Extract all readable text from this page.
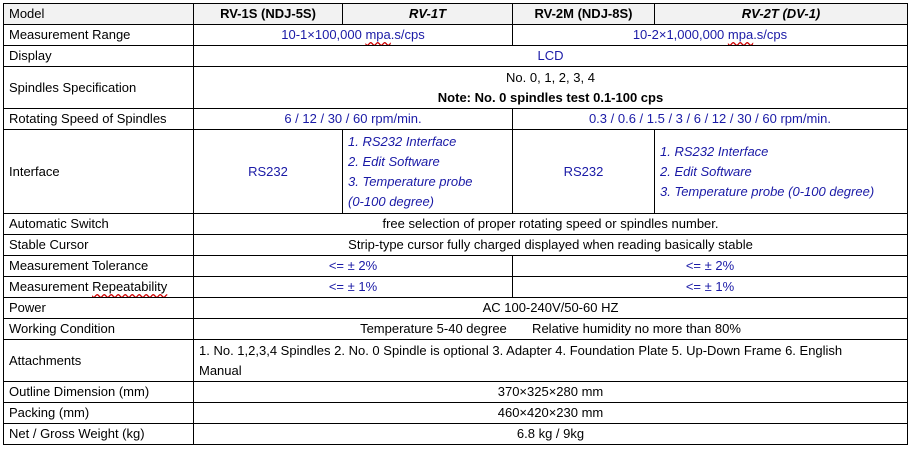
Model	RV-1S (NDJ-5S)	RV-1T	RV-2M (NDJ-8S)	RV-2T (DV-1)
Measurement Range	10-1×100,000 mpa.s/cps		10-2×1,000,000 mpa.s/cps	
Display	LCD			
Spindles Specification	No. 0, 1, 2, 3, 4
Note: No. 0 spindles test 0.1-100 cps			

Rotating Speed of Spindles	6 / 12 / 30 / 60 rpm/min.		0.3 / 0.6 / 1.5 / 3 / 6 / 12 / 30 / 60 rpm/min.	
Interface	RS232	1. RS232 Interface
2. Edit Software
3. Temperature probe
(0-100 degree)	RS232	1. RS232 Interface
2. Edit Software
3. Temperature probe (0-100 degree)

Automatic Switch	free selection of proper rotating speed or spindles number.			
Stable Cursor	Strip-type cursor fully charged displayed when reading basically stable			
Measurement Tolerance	<= ± 2%		<= ± 2%	
Measurement Repeatability	<= ± 1%		<= ± 1%	
Power	AC 100-240V/50-60 HZ			
Working Condition	Temperature 5-40 degree       Relative humidity no more than 80%			
Attachments	1. No. 1,2,3,4 Spindles 2. No. 0 Spindle is optional 3. Adapter 4. Foundation Plate 5. Up-Down Frame 6. English
Manual			

Outline Dimension (mm)	370×325×280 mm			
Packing (mm)	460×420×230 mm			
Net / Gross Weight (kg)	6.8 kg / 9kg			
